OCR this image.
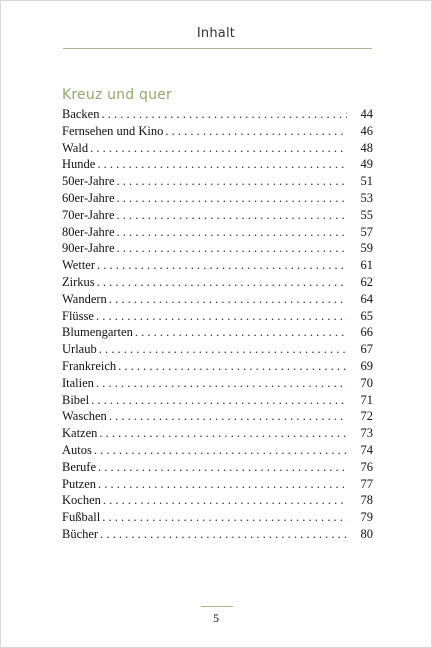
Inhalt
Kreuz und quer
Backen . . .	44
Fernsehen und Kino . . .	46
Wald . . .	48
Hunde . . .	49
50er-Jahre . . .	51
60er-Jahre . . .	53
70er-Jahre . . .	55
80er-Jahre . . .	57
90er-Jahre . . .	59
Wetter . . .	61
Zirkus . . .	62
Wandern . . .	64
Flüsse . . .	65
Blumengarten . . .	66
Urlaub . . .	67
Frankreich . . .	69
Italien . . .	70
Bibel . . .	71
Waschen . . .	72
Katzen . . .	73
Autos . . .	74
Berufe . . .	76
Putzen . . .	77
Kochen . . .	78
Fußball . . .	79
Bücher . . .	80
5
